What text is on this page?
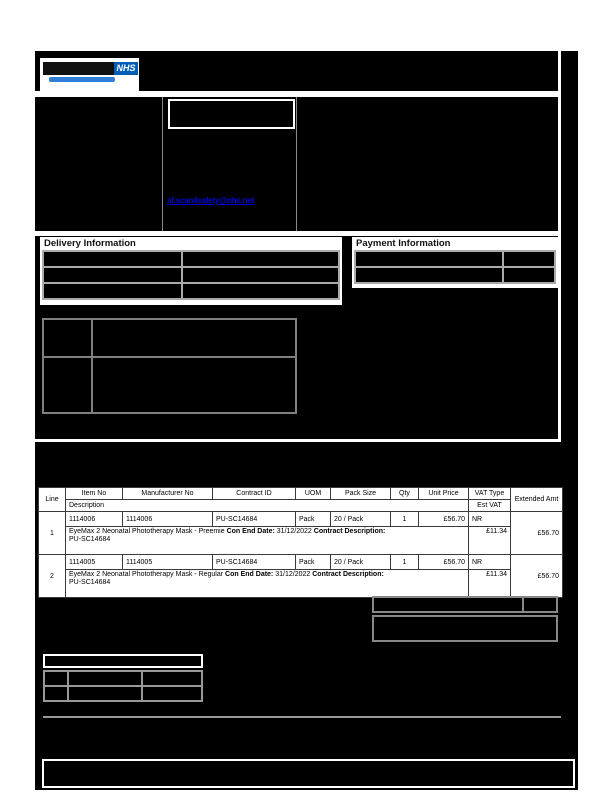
NHS
sf.scan4safety@nhs.net
Delivery Information

		Payment Information

Line	Item No	Manufacturer No	Contract ID	UOM	Pack Size	Qty	Unit Price	VAT Type	Extended Amt
	Description							Est VAT	
1	1114006	1114006	PU-SC14684	Pack	20 / Pack	1	£56.70	NR	£56.70
	EyeMax 2 Neonatal Phototherapy Mask - Preemie Con End Date: 31/12/2022 Contract Description:
PU-SC14684							£11.34	
2	1114005	1114005	PU-SC14684	Pack	20 / Pack	1	£56.70	NR	£56.70
	EyeMax 2 Neonatal Phototherapy Mask - Regular Con End Date: 31/12/2022 Contract Description:
PU-SC14684							£11.34	
